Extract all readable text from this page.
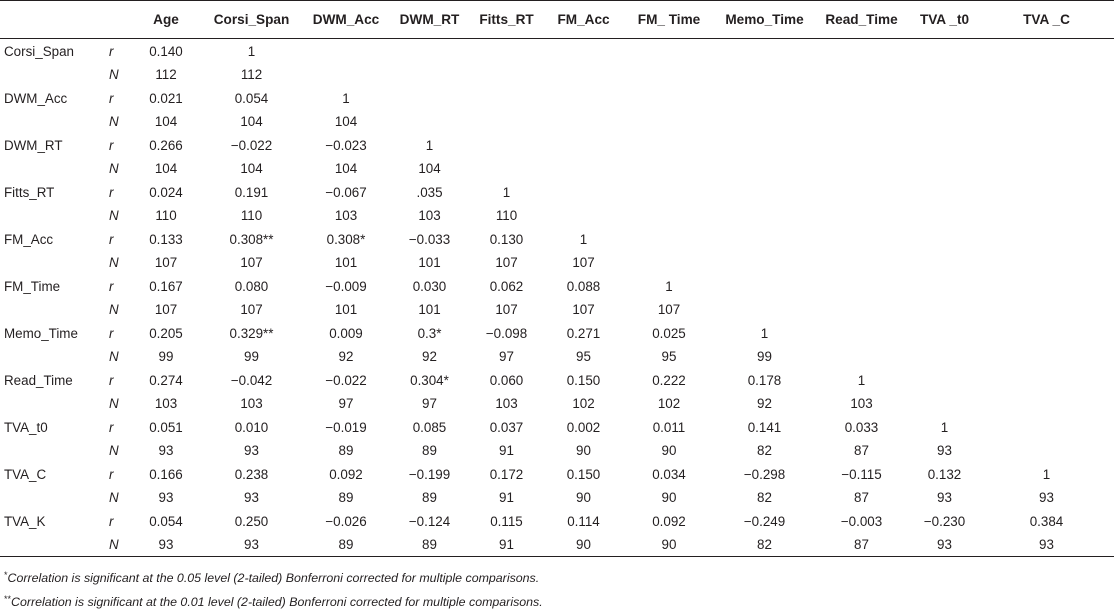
		Age	Corsi_Span	DWM_Acc	DWM_RT	Fitts_RT	FM_Acc	FM_ Time	Memo_Time	Read_Time	TVA _t0	TVA _C	
Corsi_Span	r	0.140	1										
	N	112	112										
DWM_Acc	r	0.021	0.054	1									
	N	104	104	104									
DWM_RT	r	0.266	−0.022	−0.023	1								
	N	104	104	104	104								
Fitts_RT	r	0.024	0.191	−0.067	.035	1							
	N	110	110	103	103	110							
FM_Acc	r	0.133	0.308**	0.308*	−0.033	0.130	1						
	N	107	107	101	101	107	107						
FM_Time	r	0.167	0.080	−0.009	0.030	0.062	0.088	1					
	N	107	107	101	101	107	107	107					
Memo_Time	r	0.205	0.329**	0.009	0.3*	−0.098	0.271	0.025	1				
	N	99	99	92	92	97	95	95	99				
Read_Time	r	0.274	−0.042	−0.022	0.304*	0.060	0.150	0.222	0.178	1			
	N	103	103	97	97	103	102	102	92	103			
TVA_t0	r	0.051	0.010	−0.019	0.085	0.037	0.002	0.011	0.141	0.033	1		
	N	93	93	89	89	91	90	90	82	87	93		
TVA_C	r	0.166	0.238	0.092	−0.199	0.172	0.150	0.034	−0.298	−0.115	0.132	1	
	N	93	93	89	89	91	90	90	82	87	93	93	
TVA_K	r	0.054	0.250	−0.026	−0.124	0.115	0.114	0.092	−0.249	−0.003	−0.230	0.384	
	N	93	93	89	89	91	90	90	82	87	93	93	
*Correlation is significant at the 0.05 level (2-tailed) Bonferroni corrected for multiple comparisons.
**Correlation is significant at the 0.01 level (2-tailed) Bonferroni corrected for multiple comparisons.
